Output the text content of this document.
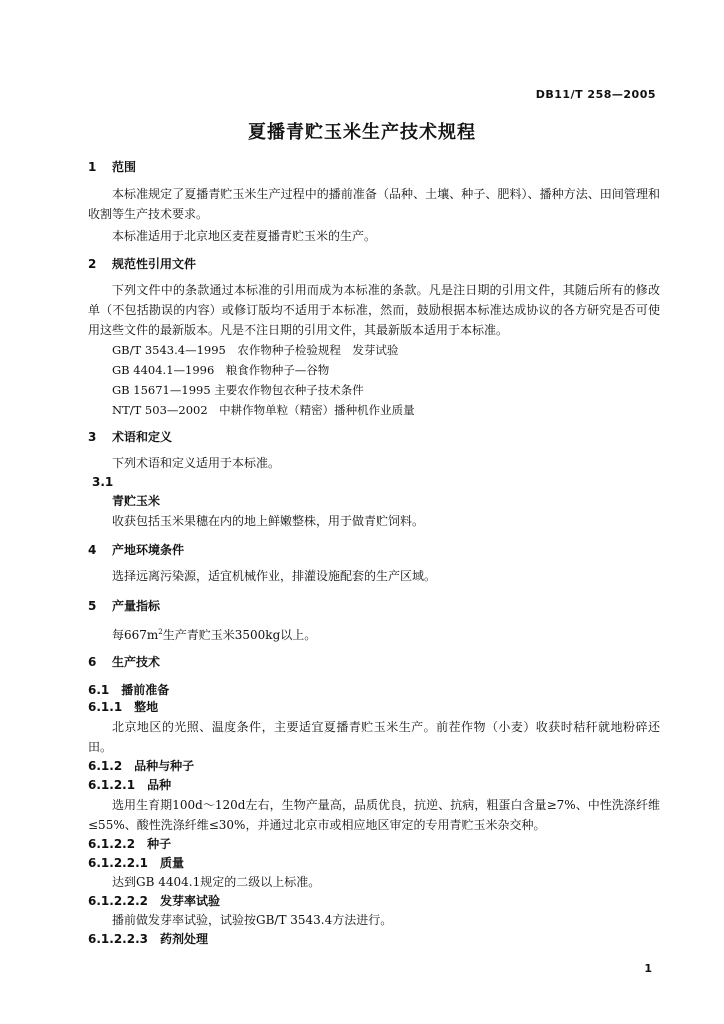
DB11/T 258—2005
夏播青贮玉米生产技术规程
1 范围
本标准规定了夏播青贮玉米生产过程中的播前准备（品种、土壤、种子、肥料）、播种方法、田间管理和收割等生产技术要求。
本标准适用于北京地区麦茬夏播青贮玉米的生产。
2 规范性引用文件
下列文件中的条款通过本标准的引用而成为本标准的条款。凡是注日期的引用文件，其随后所有的修改单（不包括勘误的内容）或修订版均不适用于本标准，然而，鼓励根据本标准达成协议的各方研究是否可使用这些文件的最新版本。凡是不注日期的引用文件，其最新版本适用于本标准。
GB/T 3543.4—1995　农作物种子检验规程　发芽试验
GB 4404.1—1996　粮食作物种子—谷物
GB 15671—1995 主要农作物包衣种子技术条件
NT/T 503—2002　中耕作物单粒（精密）播种机作业质量
3 术语和定义
下列术语和定义适用于本标准。
3.1
青贮玉米
收获包括玉米果穗在内的地上鲜嫩整株，用于做青贮饲料。
4 产地环境条件
选择远离污染源，适宜机械作业，排灌设施配套的生产区域。
5 产量指标
每$667m^2$生产青贮玉米3500kg以上。
6 生产技术
6.1 播前准备
6.1.1 整地
北京地区的光照、温度条件，主要适宜夏播青贮玉米生产。前茬作物（小麦）收获时秸秆就地粉碎还田。
6.1.2 品种与种子
6.1.2.1 品种
选用生育期100d～120d左右，生物产量高，品质优良，抗逆、抗病，粗蛋白含量≥7%、中性洗涤纤维≤55%、酸性洗涤纤维≤30%，并通过北京市或相应地区审定的专用青贮玉米杂交种。
6.1.2.2 种子
6.1.2.2.1 质量
达到GB 4404.1规定的二级以上标准。
6.1.2.2.2 发芽率试验
播前做发芽率试验，试验按GB/T 3543.4方法进行。
6.1.2.2.3 药剂处理
1
